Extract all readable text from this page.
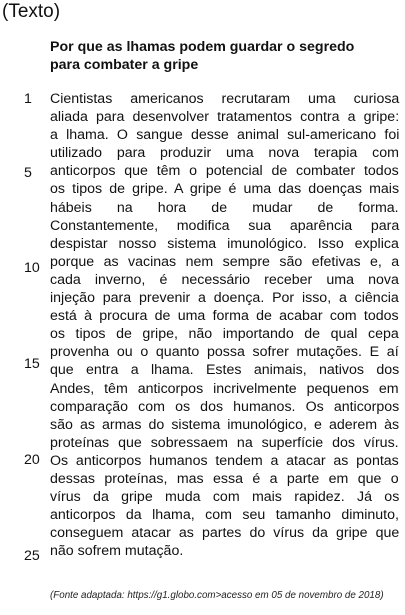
(Texto)
Por que as lhamas podem guardar o segredo
para combater a gripe
1
5
10
15
20
25
Cientistas americanos recrutaram uma curiosa
aliada para desenvolver tratamentos contra a gripe:
a lhama. O sangue desse animal sul-americano foi
utilizado para produzir uma nova terapia com
anticorpos que têm o potencial de combater todos
os tipos de gripe. A gripe é uma das doenças mais
hábeis na hora de mudar de forma.
Constantemente, modifica sua aparência para
despistar nosso sistema imunológico. Isso explica
porque as vacinas nem sempre são efetivas e, a
cada inverno, é necessário receber uma nova
injeção para prevenir a doença. Por isso, a ciência
está à procura de uma forma de acabar com todos
os tipos de gripe, não importando de qual cepa
provenha ou o quanto possa sofrer mutações. E aí
que entra a lhama. Estes animais, nativos dos
Andes, têm anticorpos incrivelmente pequenos em
comparação com os dos humanos. Os anticorpos
são as armas do sistema imunológico, e aderem às
proteínas que sobressaem na superfície dos vírus.
Os anticorpos humanos tendem a atacar as pontas
dessas proteínas, mas essa é a parte em que o
vírus da gripe muda com mais rapidez. Já os
anticorpos da lhama, com seu tamanho diminuto,
conseguem atacar as partes do vírus da gripe que
não sofrem mutação.
(Fonte adaptada: https://g1.globo.com>acesso em 05 de novembro de 2018)
